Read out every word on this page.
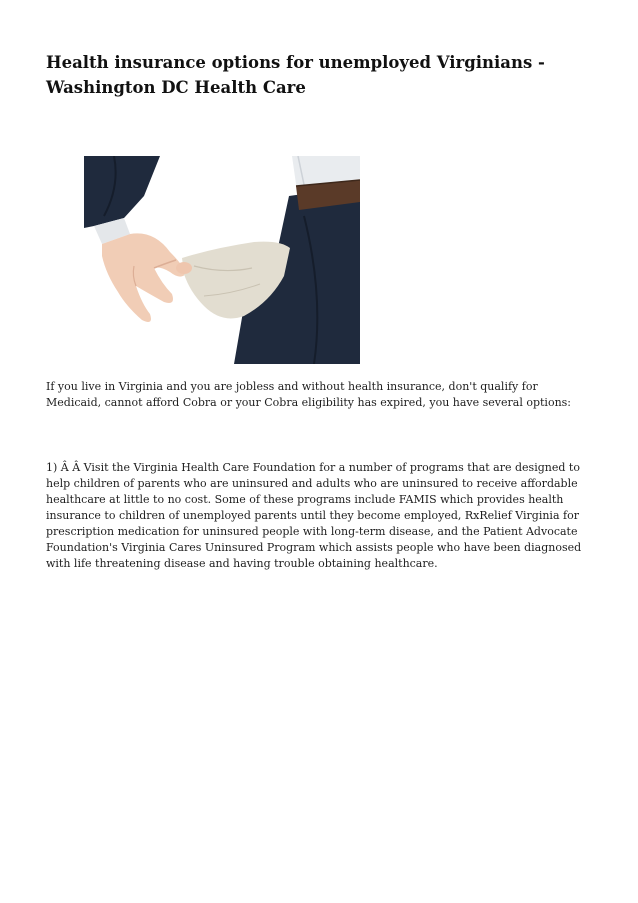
Health insurance options for unemployed Virginians - Washington DC Health Care

If you live in Virginia and you are jobless and without health insurance, don't qualify for Medicaid, cannot afford Cobra or your Cobra eligibility has expired, you have several options:

1) Â Â Visit the Virginia Health Care Foundation for a number of programs that are designed to help children of parents who are uninsured and adults who are uninsured to receive affordable healthcare at little to no cost. Some of these programs include FAMIS which provides health insurance to children of unemployed parents until they become employed, RxRelief Virginia for prescription medication for uninsured people with long-term disease, and the Patient Advocate Foundation's Virginia Cares Uninsured Program which assists people who have been diagnosed with life threatening disease and having trouble obtaining healthcare.
